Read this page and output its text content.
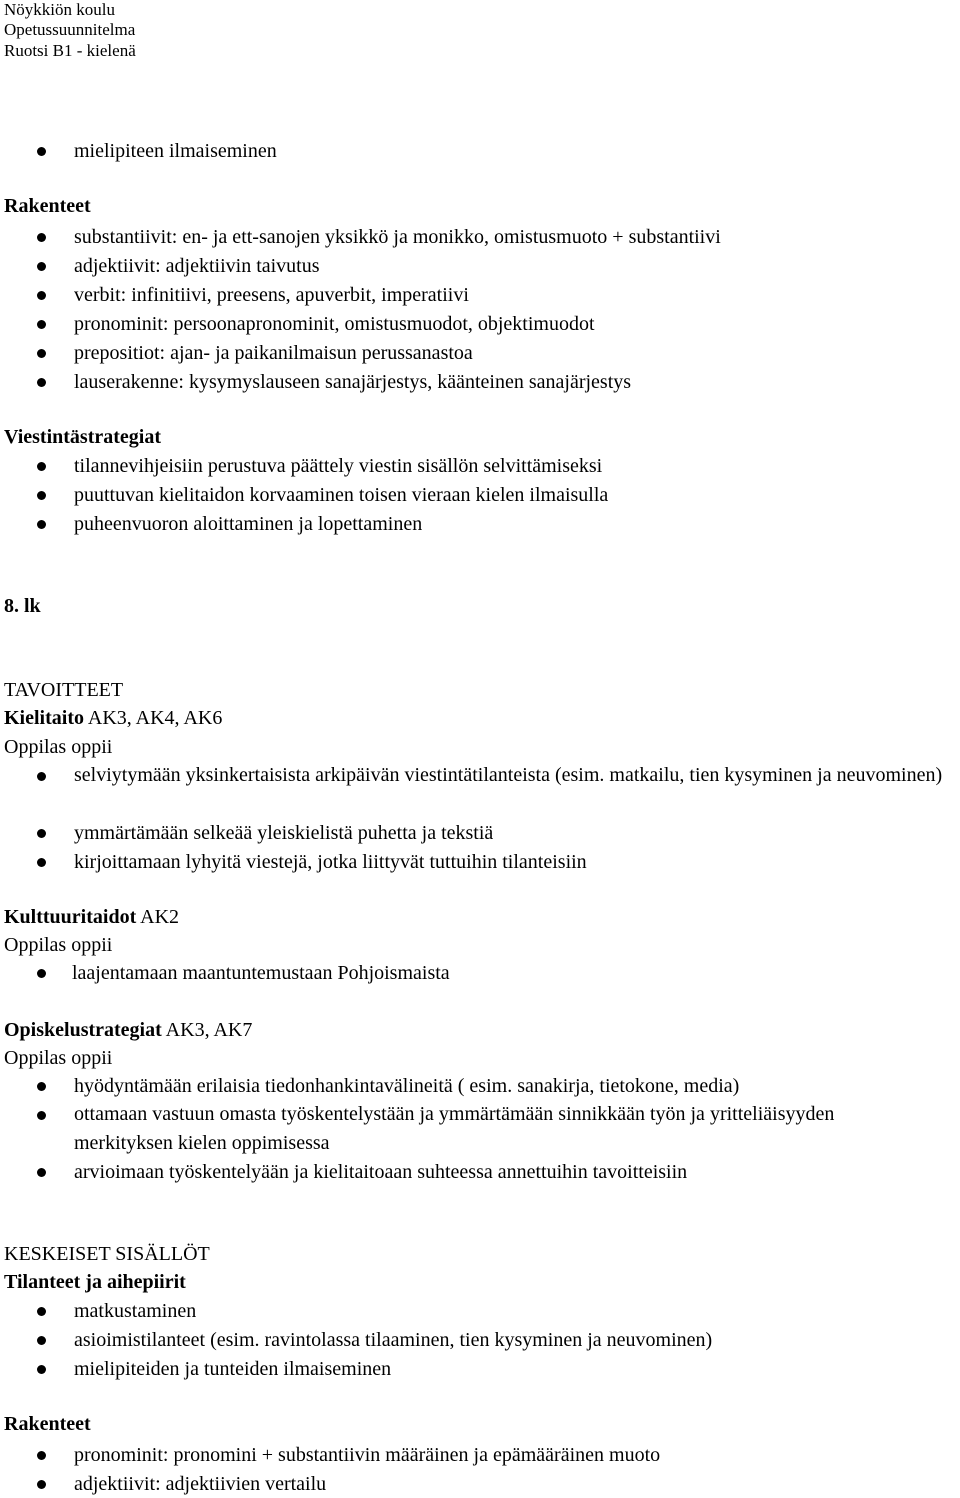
Nöykkiön koulu
Opetussuunnitelma
Ruotsi B1 - kielenä
mielipiteen ilmaiseminen
Rakenteet
substantiivit: en- ja ett-sanojen yksikkö ja monikko, omistusmuoto + substantiivi
adjektiivit: adjektiivin taivutus
verbit: infinitiivi, preesens, apuverbit, imperatiivi
pronominit: persoonapronominit, omistusmuodot, objektimuodot
prepositiot: ajan- ja paikanilmaisun perussanastoa
lauserakenne: kysymyslauseen sanajärjestys, käänteinen sanajärjestys
Viestintästrategiat
tilannevihjeisiin perustuva päättely viestin sisällön selvittämiseksi
puuttuvan kielitaidon korvaaminen toisen vieraan kielen ilmaisulla
puheenvuoron aloittaminen ja lopettaminen
8. lk
TAVOITTEET
Kielitaito AK3, AK4, AK6
Oppilas oppii
selviytymään yksinkertaisista arkipäivän viestintätilanteista (esim. matkailu, tien kysyminen ja neuvominen)
ymmärtämään selkeää yleiskielistä puhetta ja tekstiä
kirjoittamaan lyhyitä viestejä, jotka liittyvät tuttuihin tilanteisiin
Kulttuuritaidot AK2
Oppilas oppii
laajentamaan maantuntemustaan Pohjoismaista
Opiskelustrategiat AK3, AK7
Oppilas oppii
hyödyntämään erilaisia tiedonhankintavälineitä ( esim. sanakirja, tietokone, media)
ottamaan vastuun omasta työskentelystään ja ymmärtämään sinnikkään työn ja yritteliäisyyden merkityksen kielen oppimisessa
arvioimaan työskentelyään ja kielitaitoaan suhteessa annettuihin tavoitteisiin
KESKEISET SISÄLLÖT
Tilanteet ja aihepiirit
matkustaminen
asioimistilanteet (esim. ravintolassa tilaaminen, tien kysyminen ja neuvominen)
mielipiteiden ja tunteiden ilmaiseminen
Rakenteet
pronominit: pronomini + substantiivin määräinen ja epämääräinen muoto
adjektiivit: adjektiivien vertailu
